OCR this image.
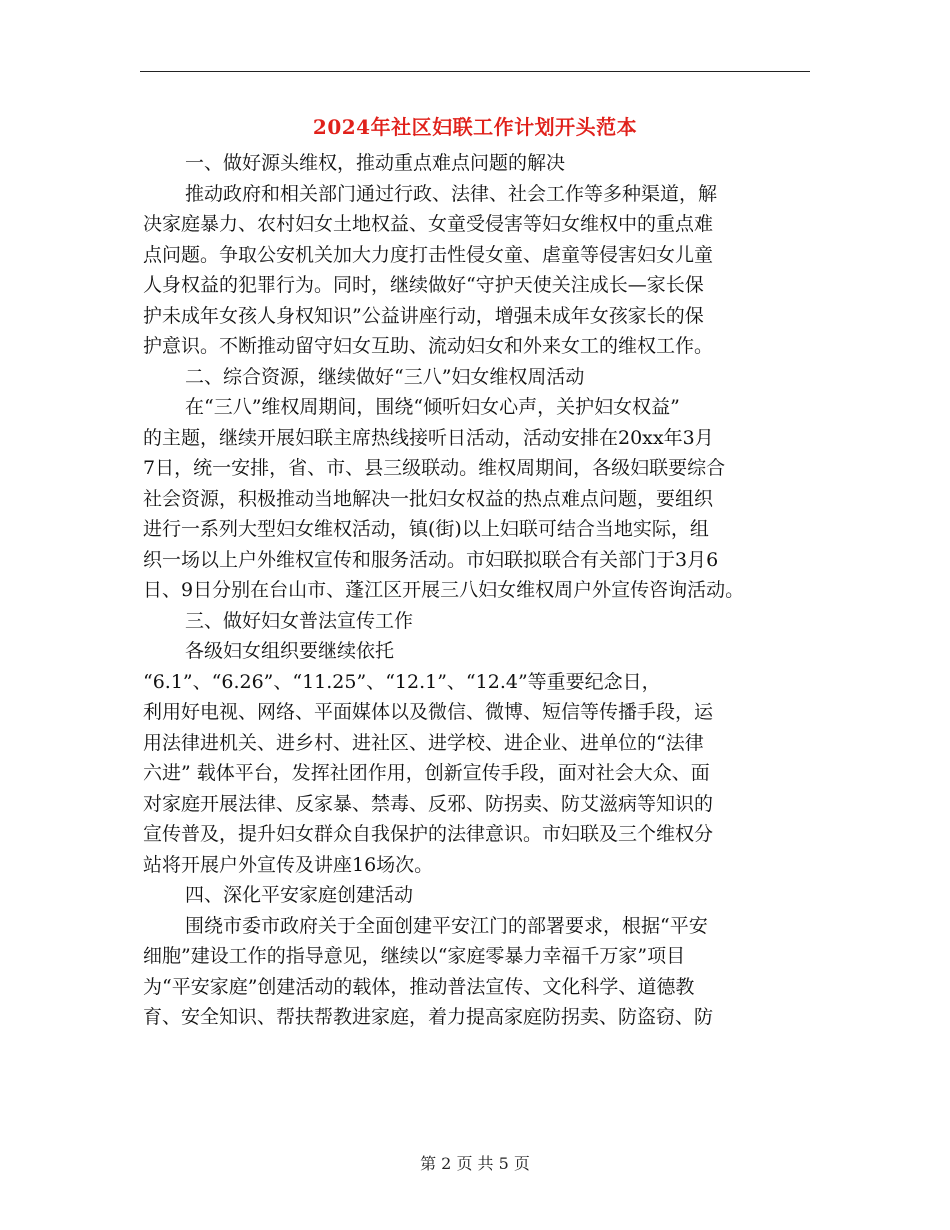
2024年社区妇联工作计划开头范本
一、做好源头维权，推动重点难点问题的解决
推动政府和相关部门通过行政、法律、社会工作等多种渠道，解
决家庭暴力、农村妇女土地权益、女童受侵害等妇女维权中的重点难
点问题。争取公安机关加大力度打击性侵女童、虐童等侵害妇女儿童
人身权益的犯罪行为。同时，继续做好“守护天使关注成长—家长保
护未成年女孩人身权知识”公益讲座行动，增强未成年女孩家长的保
护意识。不断推动留守妇女互助、流动妇女和外来女工的维权工作。
二、综合资源，继续做好“三八”妇女维权周活动
在“三八”维权周期间，围绕“倾听妇女心声，关护妇女权益”
的主题，继续开展妇联主席热线接听日活动，活动安排在20xx年3月
7日，统一安排，省、市、县三级联动。维权周期间，各级妇联要综合
社会资源，积极推动当地解决一批妇女权益的热点难点问题，要组织
进行一系列大型妇女维权活动，镇(街)以上妇联可结合当地实际，组
织一场以上户外维权宣传和服务活动。市妇联拟联合有关部门于3月6
日、9日分别在台山市、蓬江区开展三八妇女维权周户外宣传咨询活动。
三、做好妇女普法宣传工作
各级妇女组织要继续依托
“6.1”、“6.26”、“11.25”、“12.1”、“12.4”等重要纪念日，
利用好电视、网络、平面媒体以及微信、微博、短信等传播手段，运
用法律进机关、进乡村、进社区、进学校、进企业、进单位的“法律
六进” 载体平台，发挥社团作用，创新宣传手段，面对社会大众、面
对家庭开展法律、反家暴、禁毒、反邪、防拐卖、防艾滋病等知识的
宣传普及，提升妇女群众自我保护的法律意识。市妇联及三个维权分
站将开展户外宣传及讲座16场次。
四、深化平安家庭创建活动
围绕市委市政府关于全面创建平安江门的部署要求，根据“平安
细胞”建设工作的指导意见，继续以“家庭零暴力幸福千万家”项目
为“平安家庭”创建活动的载体，推动普法宣传、文化科学、道德教
育、安全知识、帮扶帮教进家庭，着力提高家庭防拐卖、防盗窃、防
第 2 页 共 5 页
